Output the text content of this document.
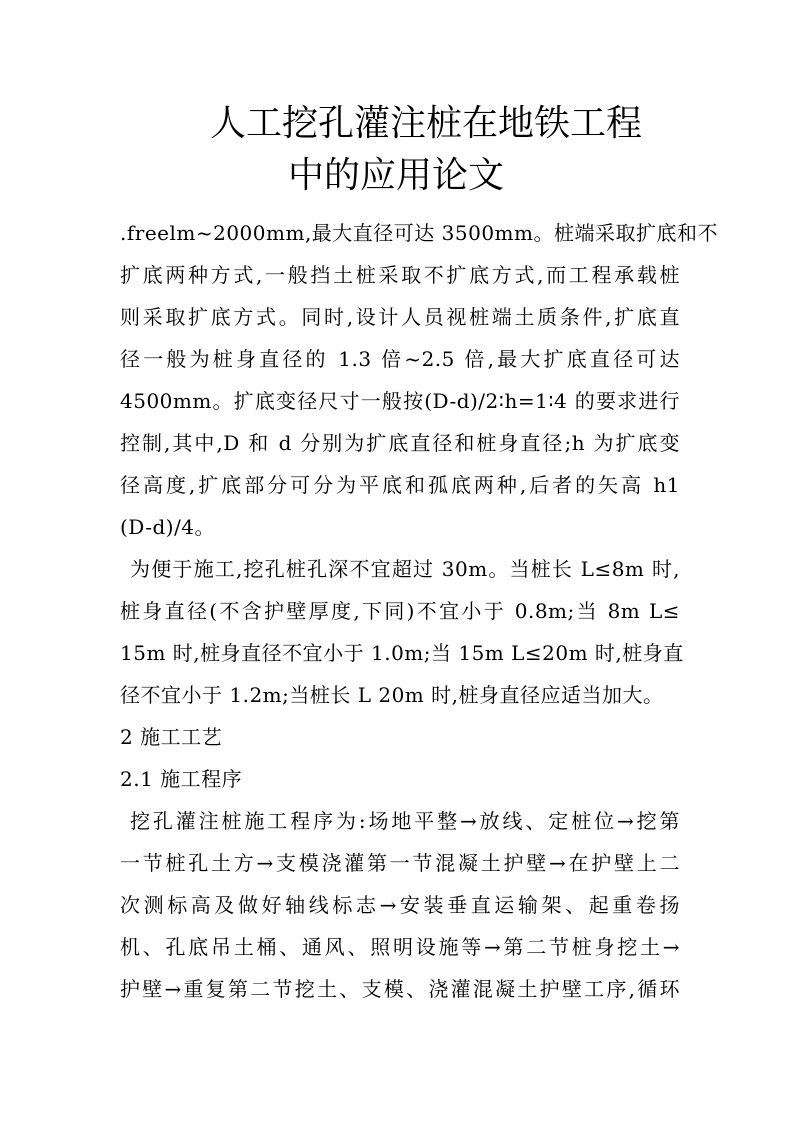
人工挖孔灌注桩在地铁工程
中的应用论文
.freelm~2000mm,最大直径可达 3500mm。桩端采取扩底和不
扩底两种方式,一般挡土桩采取不扩底方式,而工程承载桩
则采取扩底方式。同时,设计人员视桩端土质条件,扩底直
径一般为桩身直径的 1.3 倍~2.5 倍,最大扩底直径可达
4500mm。扩底变径尺寸一般按(D-d)/2∶h=1∶4 的要求进行
控制,其中,D 和 d 分别为扩底直径和桩身直径;h 为扩底变
径高度,扩底部分可分为平底和孤底两种,后者的矢高 h1
(D-d)/4。
为便于施工,挖孔桩孔深不宜超过 30m。当桩长 L≤8m 时,
桩身直径(不含护壁厚度,下同)不宜小于 0.8m;当 8m L≤
15m 时,桩身直径不宜小于 1.0m;当 15m L≤20m 时,桩身直
径不宜小于 1.2m;当桩长 L 20m 时,桩身直径应适当加大。
2 施工工艺
2.1 施工程序
挖孔灌注桩施工程序为:场地平整→放线、定桩位→挖第
一节桩孔土方→支模浇灌第一节混凝土护壁→在护壁上二
次测标高及做好轴线标志→安装垂直运输架、起重卷扬
机、孔底吊土桶、通风、照明设施等→第二节桩身挖土→
护壁→重复第二节挖土、支模、浇灌混凝土护壁工序,循环
